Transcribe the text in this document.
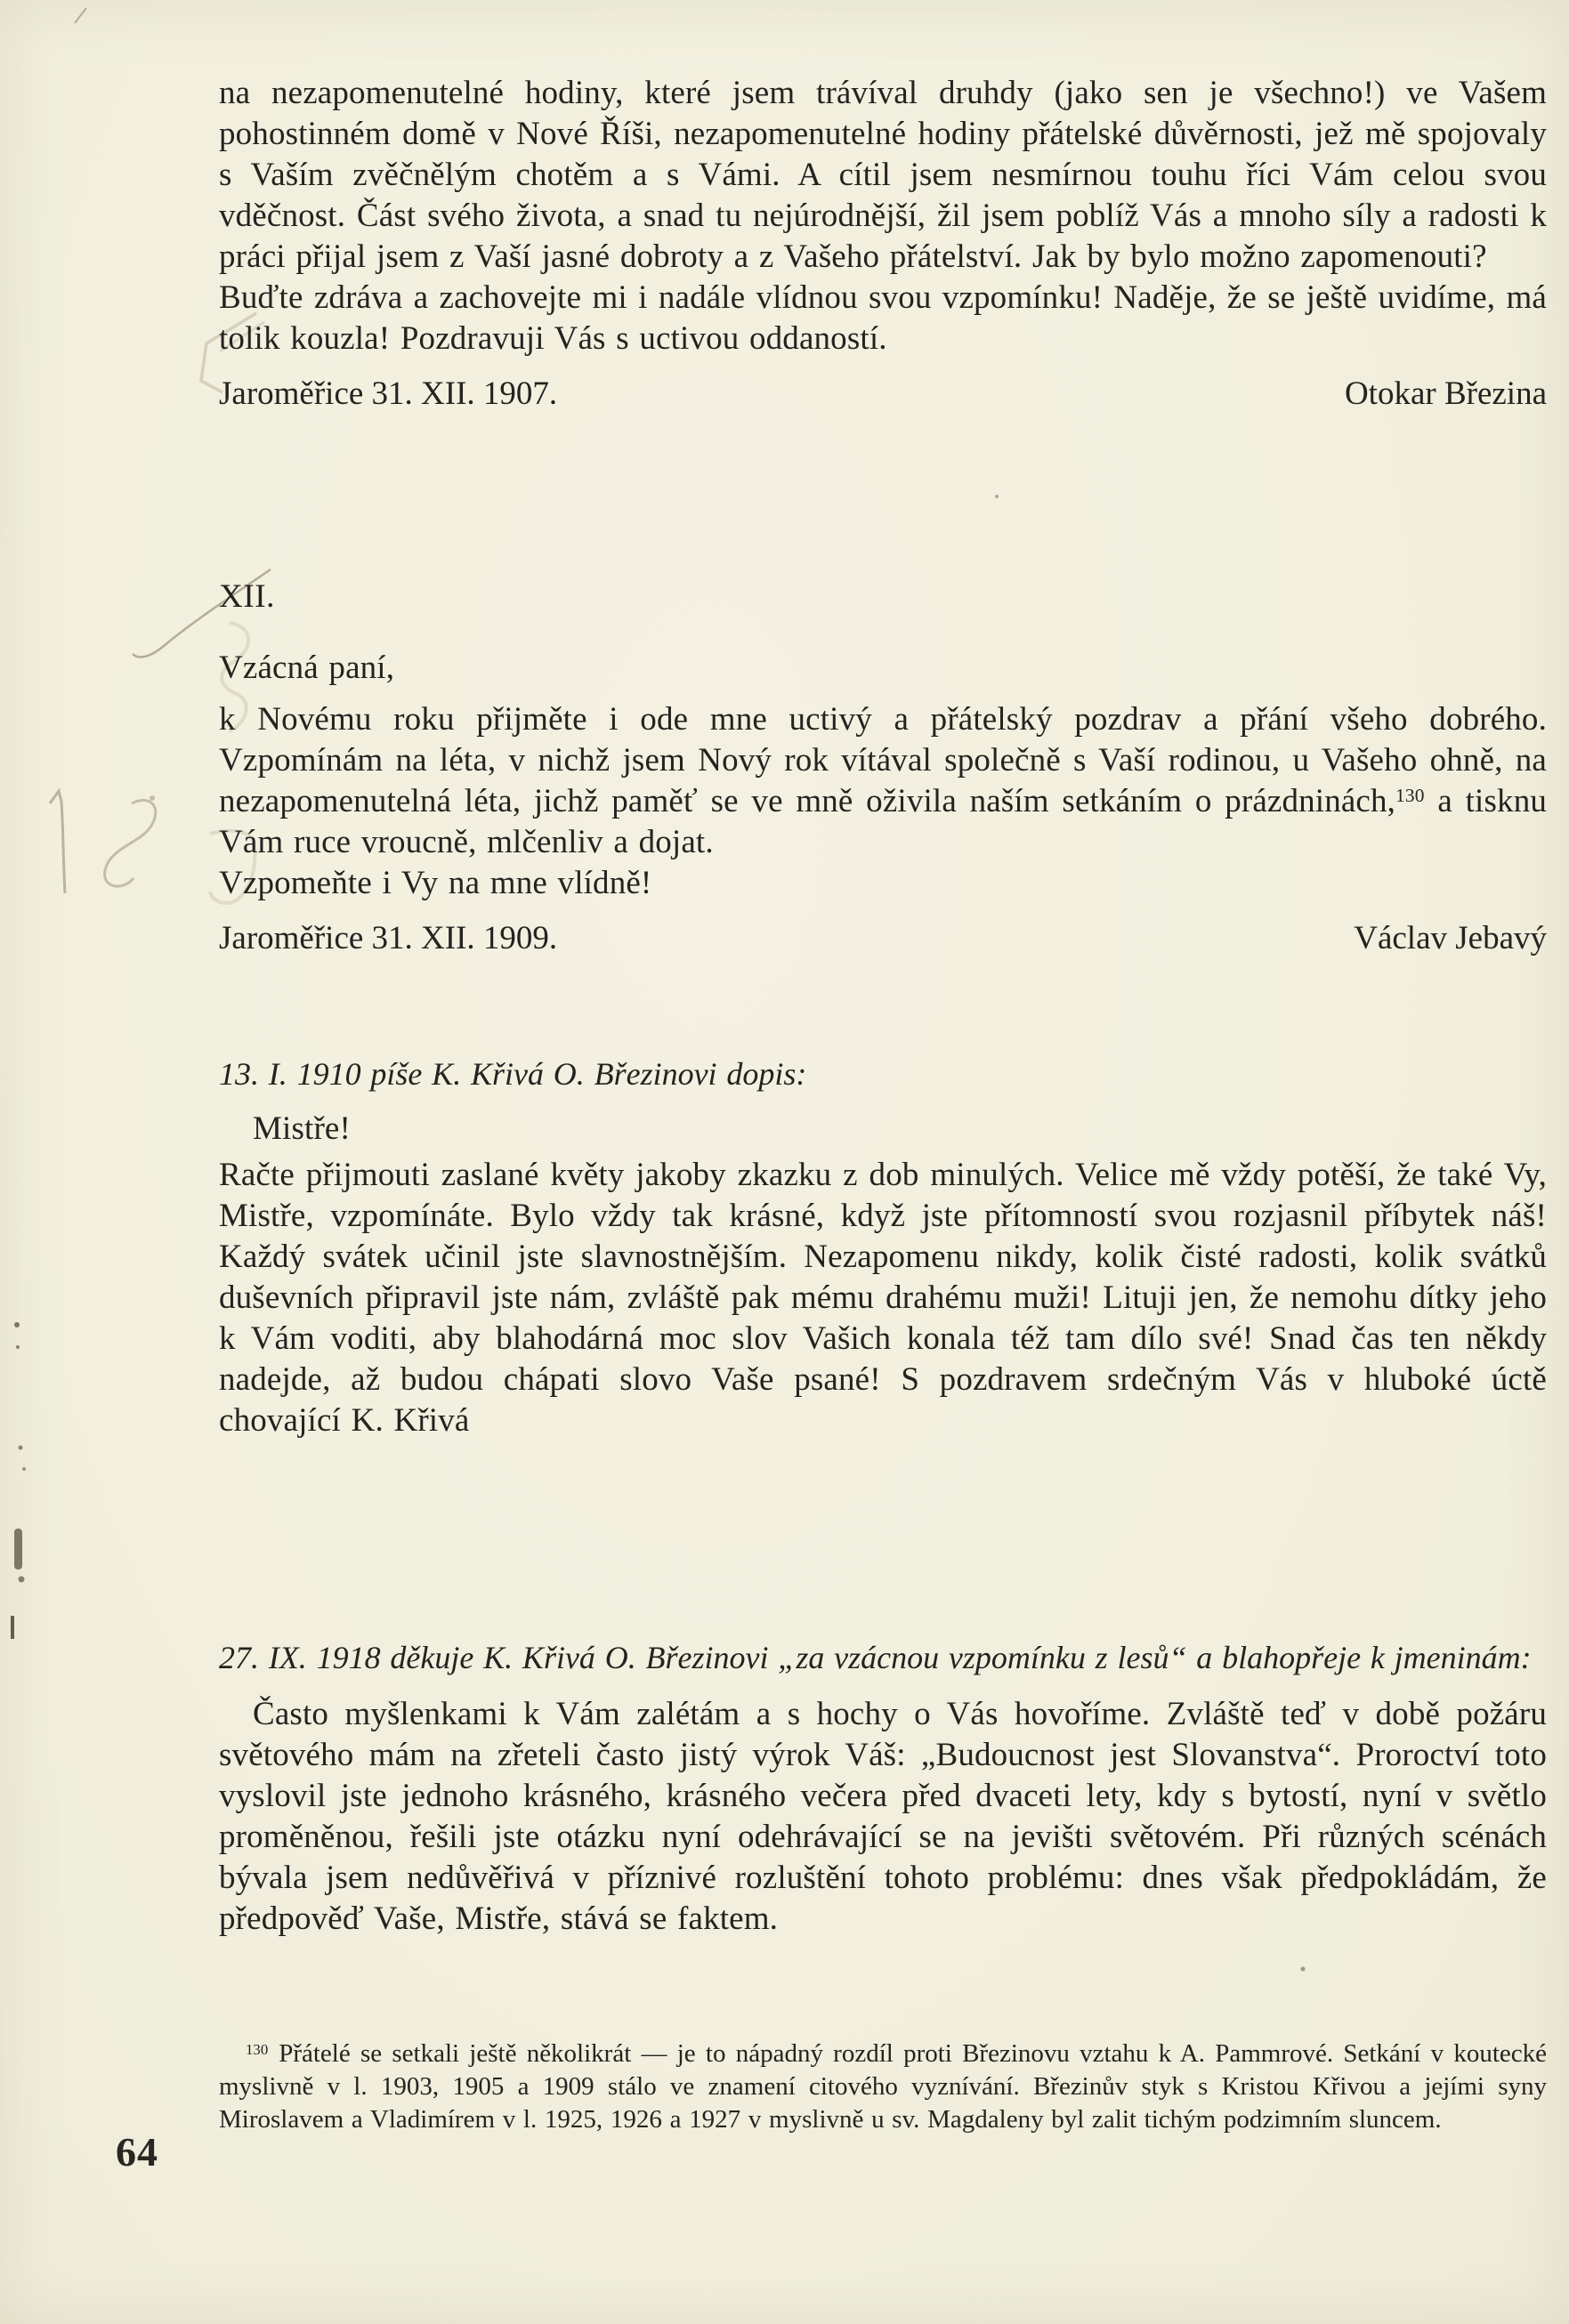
na nezapomenutelné hodiny, které jsem trávíval druhdy (jako sen je všechno!) ve Vašem pohostinném domě v Nové Říši, nezapomenutelné hodiny přátelské důvěrnosti, jež mě spojovaly s Vaším zvěčnělým chotěm a s Vámi. A cítil jsem nesmírnou touhu říci Vám celou svou vděčnost. Část svého života, a snad tu nejúrodnější, žil jsem poblíž Vás a mnoho síly a radosti k práci přijal jsem z Vaší jasné dobroty a z Vašeho přátelství. Jak by bylo možno zapomenouti?

Buďte zdráva a zachovejte mi i nadále vlídnou svou vzpomínku! Naděje, že se ještě uvidíme, má tolik kouzla! Pozdravuji Vás s uctivou oddaností.

Jaroměřice 31. XII. 1907.	Otokar Březina
XII.

Vzácná paní,

k Novému roku přijměte i ode mne uctivý a přátelský pozdrav a přání všeho dobrého. Vzpomínám na léta, v nichž jsem Nový rok vítával společně s Vaší rodinou, u Vašeho ohně, na nezapomenutelná léta, jichž paměť se ve mně oživila naším setkáním o prázdninách,$^{130}$ a tisknu Vám ruce vroucně, mlčenliv a dojat.

Vzpomeňte i Vy na mne vlídně!

Jaroměřice 31. XII. 1909.	Václav Jebavý

13. I. 1910 píše K. Křivá O. Březinovi dopis:

Mistře!

Račte přijmouti zaslané květy jakoby zkazku z dob minulých. Velice mě vždy potěší, že také Vy, Mistře, vzpomínáte. Bylo vždy tak krásné, když jste přítomností svou rozjasnil příbytek náš! Každý svátek učinil jste slavnostnějším. Nezapomenu nikdy, kolik čisté radosti, kolik svátků duševních připravil jste nám, zvláště pak mému drahému muži! Lituji jen, že nemohu dítky jeho k Vám voditi, aby blahodárná moc slov Vašich konala též tam dílo své! Snad čas ten někdy nadejde, až budou chápati slovo Vaše psané! S pozdravem srdečným Vás v hluboké úctě chovající K. Křivá

27. IX. 1918 děkuje K. Křivá O. Březinovi „za vzácnou vzpomínku z lesů“ a blahopřeje k jmeninám:

Často myšlenkami k Vám zalétám a s hochy o Vás hovoříme. Zvláště teď v době požáru světového mám na zřeteli často jistý výrok Váš: „Budoucnost jest Slovanstva“. Proroctví toto vyslovil jste jednoho krásného, krásného večera před dvaceti lety, kdy s bytostí, nyní v světlo proměněnou, řešili jste otázku nyní odehrávající se na jevišti světovém. Při různých scénách bývala jsem nedůvěřivá v příznivé rozluštění tohoto problému: dnes však předpokládám, že předpověď Vaše, Mistře, stává se faktem.

$^{130}$ Přátelé se setkali ještě několikrát — je to nápadný rozdíl proti Březinovu vztahu k A. Pammrové. Setkání v koutecké myslivně v l. 1903, 1905 a 1909 stálo ve znamení citového vyznívání. Březinův styk s Kristou Křivou a jejími syny Miroslavem a Vladimírem v l. 1925, 1926 a 1927 v myslivně u sv. Magdaleny byl zalit tichým podzimním sluncem.

64
